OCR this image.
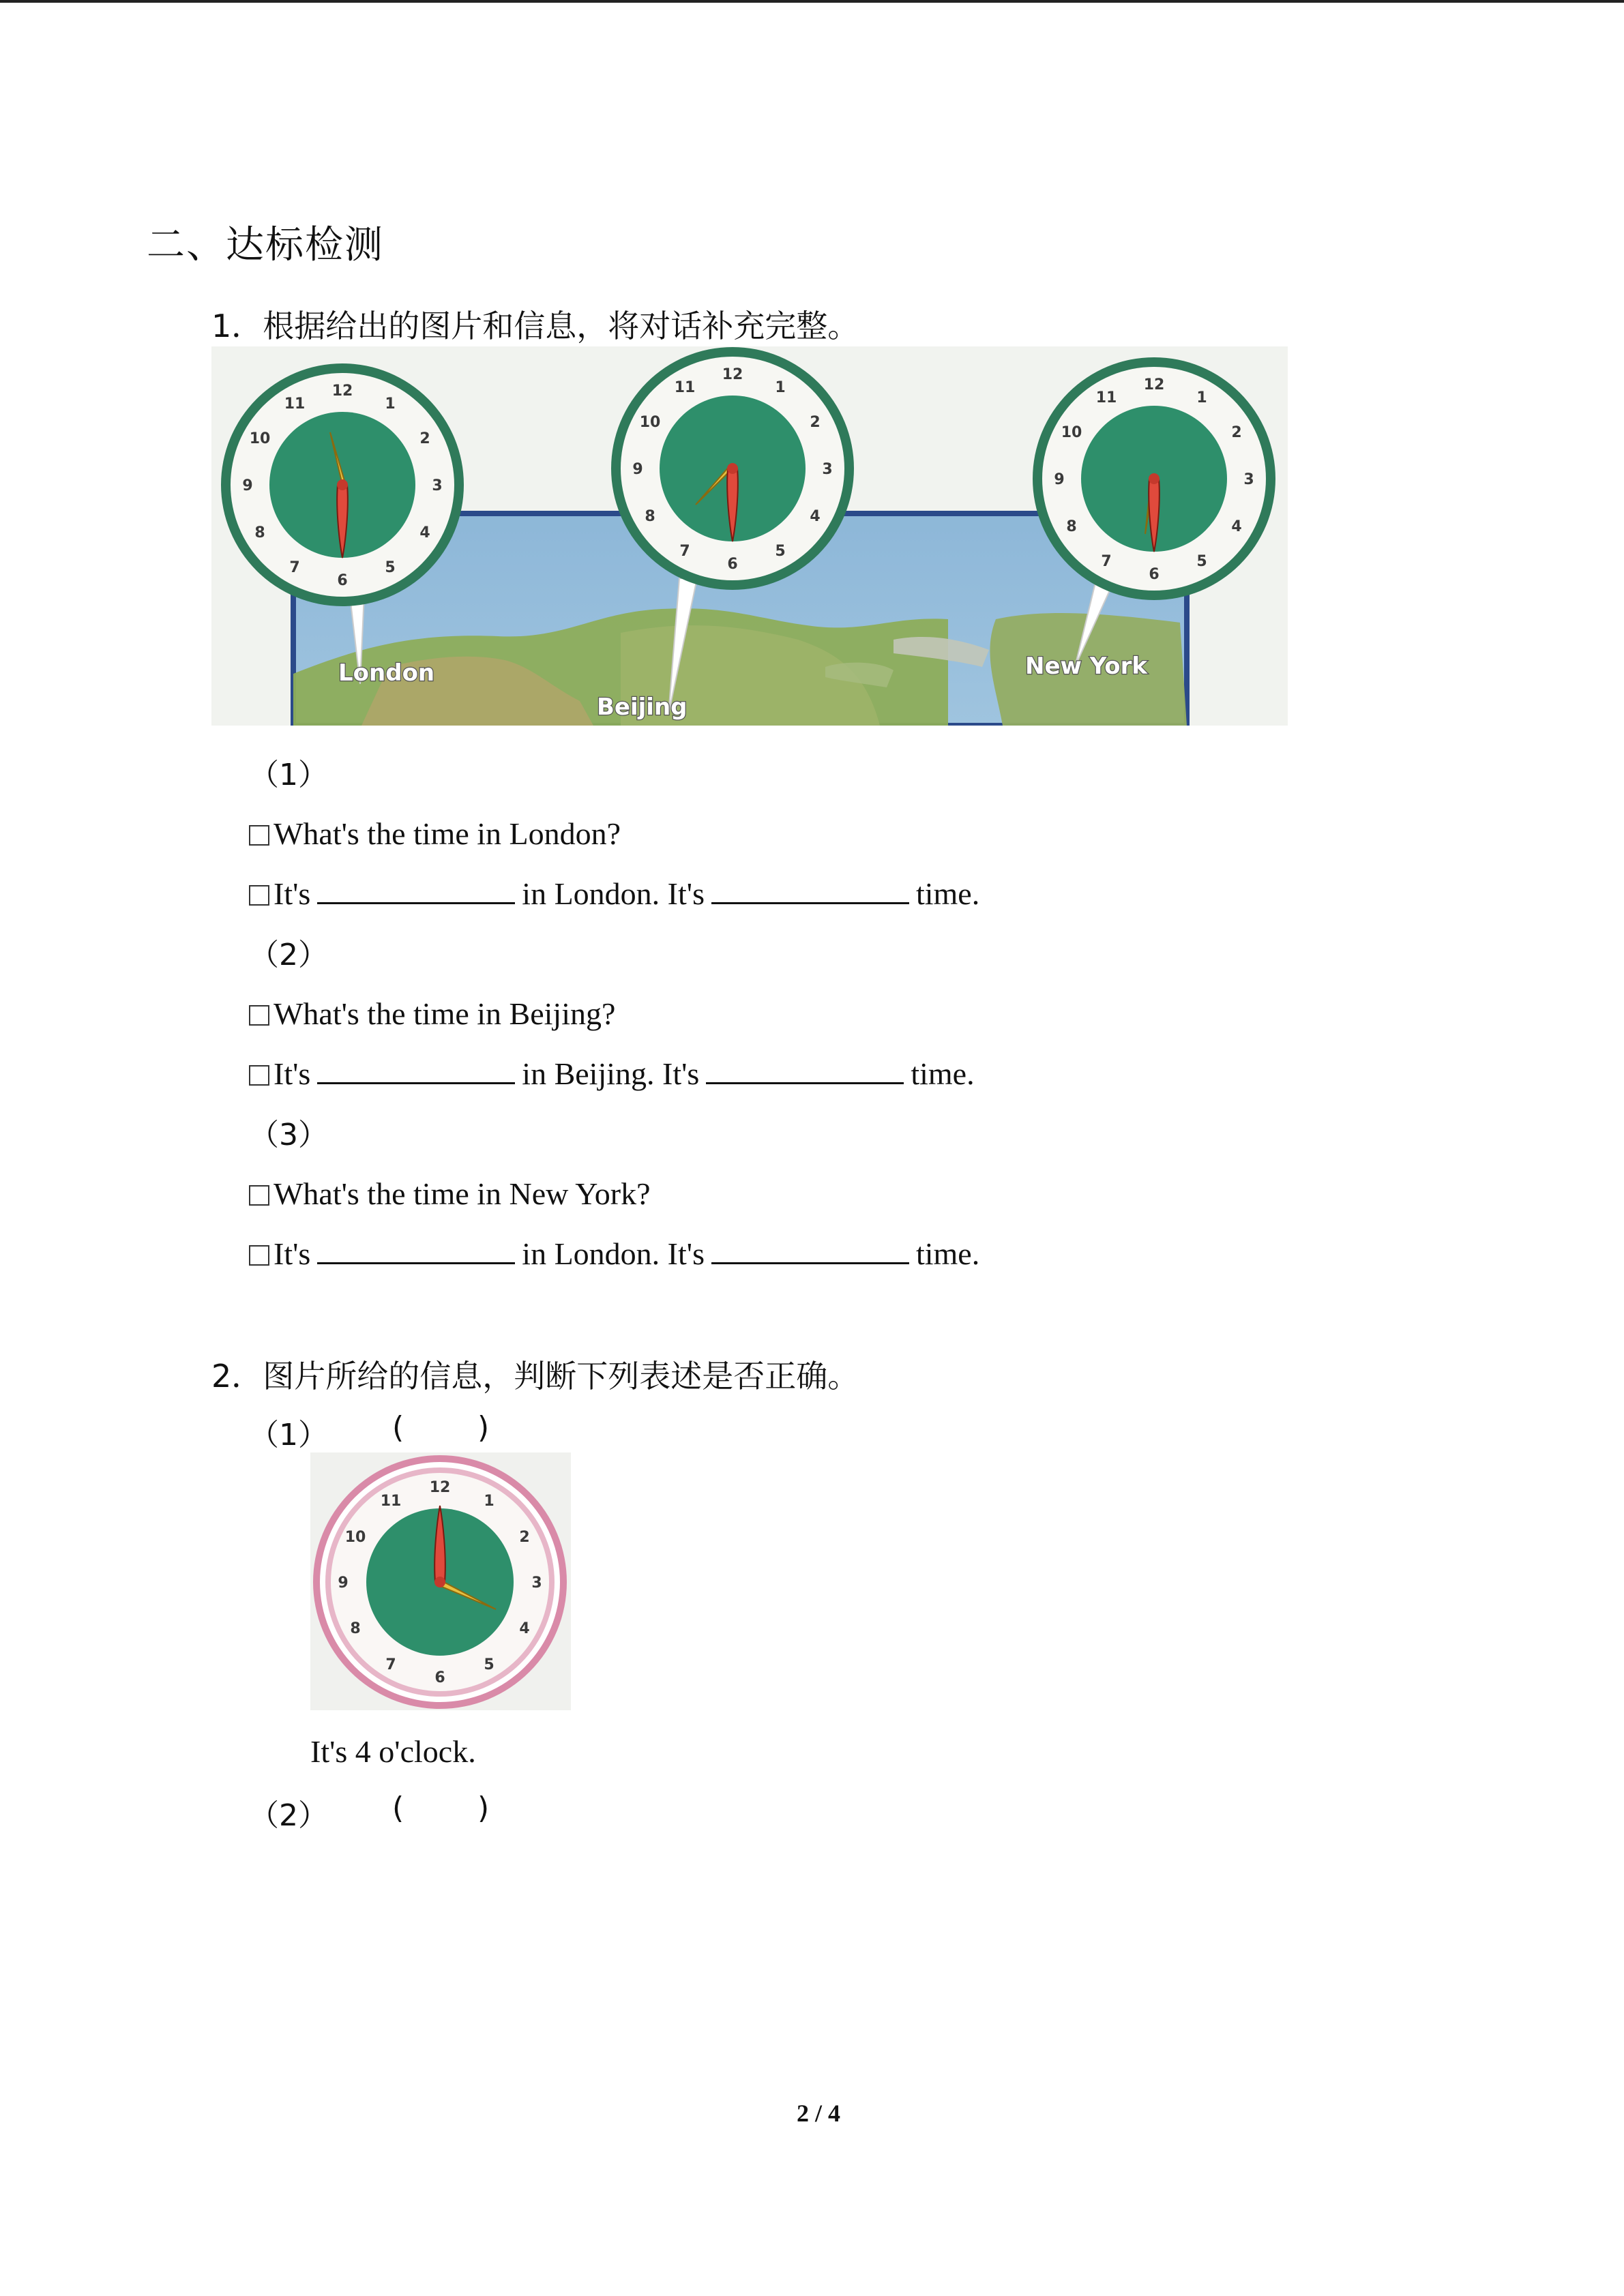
二、达标检测
1．根据给出的图片和信息，将对话补充完整。
12
1
2
3
4
5
6
7
8
9
10
11
12
1
2
3
4
5
6
7
8
9
10
11	12
1
2
3
4
5
6
7
8
9
10
11
London
Beijing
New York
（1）
What's the time in London?
It's	in London. It's	time.
（2）
What's the time in Beijing?
It's	in Beijing. It's	time.
（3）
What's the time in New York?
It's	in London. It's	time.
2．图片所给的信息，判断下列表述是否正确。
（1） ( )
12
1
2
3
4
5
6
7
8
9
10
11
It's 4 o'clock.
（2） ( )
2 / 4
